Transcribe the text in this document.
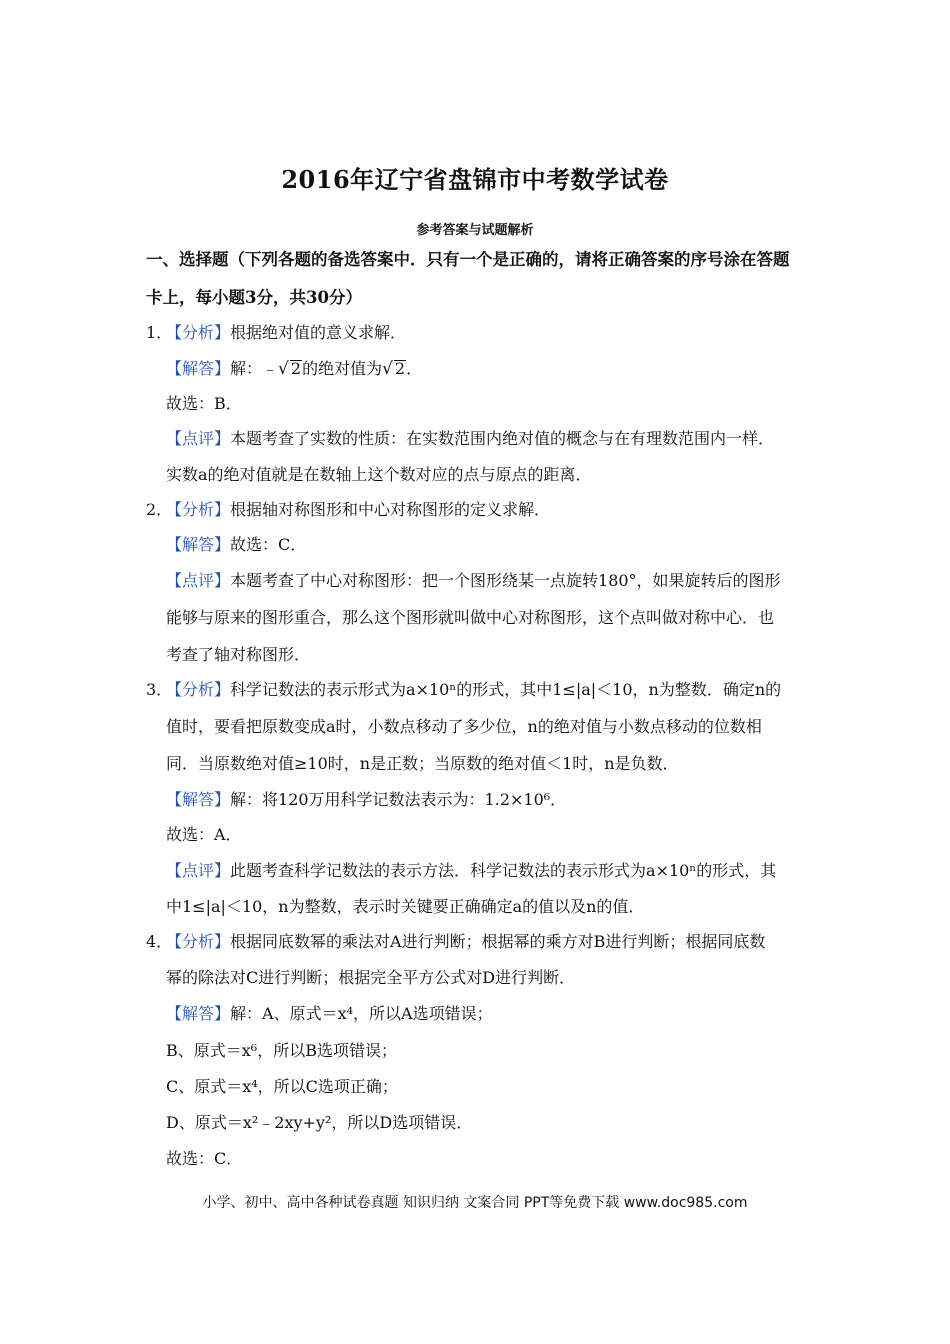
2016年辽宁省盘锦市中考数学试卷
参考答案与试题解析
一、选择题（下列各题的备选答案中．只有一个是正确的，请将正确答案的序号涂在答题
卡上，每小题3分，共30分）
1．
【分析】根据绝对值的意义求解．
【解答】解：﹣√ 2的绝对值为√ 2．
故选：B．
【点评】本题考查了实数的性质：在实数范围内绝对值的概念与在有理数范围内一样．
实数a的绝对值就是在数轴上这个数对应的点与原点的距离．
2．
【分析】根据轴对称图形和中心对称图形的定义求解．
【解答】故选：C．
【点评】本题考查了中心对称图形：把一个图形绕某一点旋转180°，如果旋转后的图形
能够与原来的图形重合，那么这个图形就叫做中心对称图形，这个点叫做对称中心．也
考查了轴对称图形．
3．
【分析】科学记数法的表示形式为a×10ⁿ的形式，其中1≤|a|＜10，n为整数．确定n的
值时，要看把原数变成a时，小数点移动了多少位，n的绝对值与小数点移动的位数相
同．当原数绝对值≥10时，n是正数；当原数的绝对值＜1时，n是负数．
【解答】解：将120万用科学记数法表示为：1.2×10⁶．
故选：A．
【点评】此题考查科学记数法的表示方法．科学记数法的表示形式为a×10ⁿ的形式，其
中1≤|a|＜10，n为整数，表示时关键要正确确定a的值以及n的值．
4．
【分析】根据同底数幂的乘法对A进行判断；根据幂的乘方对B进行判断；根据同底数
幂的除法对C进行判断；根据完全平方公式对D进行判断．
【解答】解：A、原式＝x⁴，所以A选项错误；
B、原式＝x⁶，所以B选项错误；
C、原式＝x⁴，所以C选项正确；
D、原式＝x²﹣2xy+y²，所以D选项错误．
故选：C．
小学、初中、高中各种试卷真题 知识归纳 文案合同 PPT等免费下载 www.doc985.com
